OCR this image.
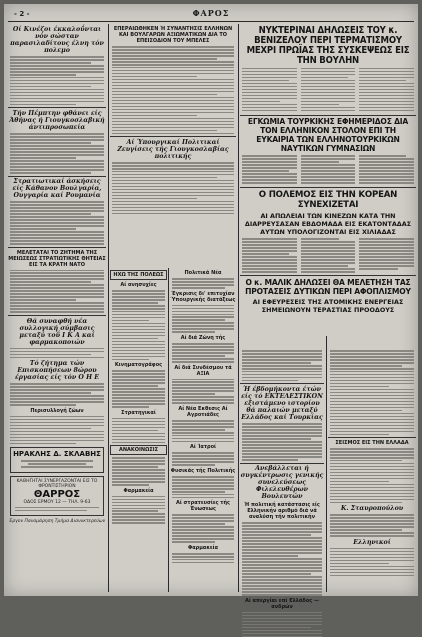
- 2 -	ΦΑΡΟΣ
Οί Κινέζοι έκκαλοΰνται νόν σώσταν παρασιλαδίτους έλνη τόν πολεμο
Τήν Πέμπτην φθάνει είς Άθήνας ή Γιουγκοσλαβική άντιπροσωπεία
Στρατιωτικαί άσκήσεις είς Κάθανον Βουλγαρία, Ουγγαρία καί Ρουμανία
ΜΕΛΕΤΑΤΑΙ ΤΟ ΖΗΤΗΜΑ ΤΗΣ ΜΕΙΩΣΕΩΣ ΣΤΡΑΤΙΩΤΙΚΗΣ ΘΗΤΕΙΑΣ ΕΙΣ ΤΑ ΚΡΑΤΗ ΝΑΤΟ
Θά συναφθή νέα συλλογική σύμβασις μεταξύ τοΰ Ι Κ Α καί φαρμακοποιών
Τό ζήτημα τών Επισκοπήσεων 8ώρου έργασίας είς τόν Ο Η Ε
Περισυλλογή ζώων
ΗΡΑΚΛΗΣ Δ. ΣΚΛΑΒΗΣ
ΚΑΘΗΓΗΤΑΙ ΣΥΝΕΡΓΑΖΟΝΤΑΙ ΕΙΣ ΤΟ ΦΡΟΝΤΙΣΤΗΡΙΟΝ
ΘΑΡΡΟΣ
ΟΔΟΣ ΕΡΜΟΥ 12 — ΤΗΛ. 9-63
Έργον Πανομάρηση Τμήμα Διανυκτερεύων
ΕΠΕΡΑΙΩΘΗΚΕΝ Ή ΣΥΝΑΝΤΗΣΙΣ ΕΛΛΗΝΩΝ ΚΑΙ ΒΟΥΛΓΑΡΩΝ ΑΞΙΩΜΑΤΙΚΩΝ ΔΙΑ ΤΟ ΕΠΕΙΣΟΔΙΟΝ ΤΟΥ ΜΠΕΛΕΣ
Αί Ύπουργικαί Πολιτικαί Ζευγίσεις τής Γιουγκοσλαβίας πολιτικής
ΗΧΩ ΤΗΣ ΠΟΛΕΩΣ
Αί ανησυχίες
Κινηματογράφος
Στρατηγικαί
ΑΝΑΚΟΙΝΩΣΙΣ
Φαρμακεία
Πολιτικά Νέα
Έγκρισις δι' επιτυχίαν Ύπουργικής διατάξεως
Αί διά Ζώνη τής
Αί διά Συνδέσμου τά ΑΞΙΑ
Αί Νέα Εκθεσις Αί Αγροτιάδες
Αί Ίατροί
Φυσικάς τής Πολιτικής
Αί στρατευσίες τής Ένωσεως
Φαρμακεία
ΝΥΚΤΕΡΙΝΑΙ ΔΗΛΩΣΕΙΣ ΤΟΥ κ. ΒΕΝΙΖΕΛΟΥ ΠΕΡΙ ΤΕΡΜΑΤΙΣΜΟΥ ΜΕΧΡΙ ΠΡΩΪΑΣ ΤΗΣ ΣΥΣΚΕΨΕΩΣ ΕΙΣ ΤΗΝ ΒΟΥΛΗΝ
ΕΓΚΩΜΙΑ ΤΟΥΡΚΙΚΗΣ ΕΦΗΜΕΡΙΔΟΣ ΔΙΑ ΤΟΝ ΕΛΛΗΝΙΚΟΝ ΣΤΟΛΟΝ ΕΠΙ ΤΗ ΕΥΚΑΙΡΙΑ ΤΩΝ ΕΛΛΗΝΟΤΟΥΡΚΙΚΩΝ ΝΑΥΤΙΚΩΝ ΓΥΜΝΑΣΙΩΝ
Ο ΠΟΛΕΜΟΣ ΕΙΣ ΤΗΝ ΚΟΡΕΑΝ ΣΥΝΕΧΙΖΕΤΑΙ
ΑΙ ΑΠΩΛΕΙΑΙ ΤΩΝ ΚΙΝΕΖΩΝ ΚΑΤΑ ΤΗΝ ΔΙΑΡΡΕΥΣΑΣΑΝ ΕΒΔΟΜΑΔΑ ΕΙΣ ΕΚΑΤΟΝΤΑΔΑΣ ΑΥΤΩΝ ΥΠΟΛΟΓΙΖΟΝΤΑΙ ΕΙΣ ΧΙΛΙΑΔΑΣ
Ο κ. ΜΑΛΙΚ ΔΗΛΩΣΕΙ ΘΑ ΜΕΛΕΤΗΣΗ ΤΑΣ ΠΡΟΤΑΣΕΙΣ ΔΥΤΙΚΩΝ ΠΕΡΙ ΑΦΟΠΛΙΣΜΟΥ
ΑΙ ΕΦΕΥΡΕΣΕΙΣ ΤΗΣ ΑΤΟΜΙΚΗΣ ΕΝΕΡΓΕΙΑΣ ΣΗΜΕΙΩΝΟΥΝ ΤΕΡΑΣΤΙΑΣ ΠΡΟΟΔΟΥΣ
Ή έβδομήκοντα έτών είς τό ΕΚΤΕΛΕΣΤΙΚΟΝ εξιστάμενο ιστορίου θά παλαιών μεταξύ Ελλάδος καί Τουρκίας
Ανεβάλλεται ή συγκέντρωσις γενικής συνελεύσεως Φιλελευθέρων Βουλευτών
Ή πολιτική κατάστασις είς Ελληνικήν αριθμό διά νά αναλύση τήν πολιτικήν
Αί απεργίαι επί Ελλάδος — ανδρών
ΣΕΙΣΜΟΣ ΕΙΣ ΤΗΝ ΕΛΛΑΔΑ
Κ. Σταυροπούλου
Ελληνικοί
